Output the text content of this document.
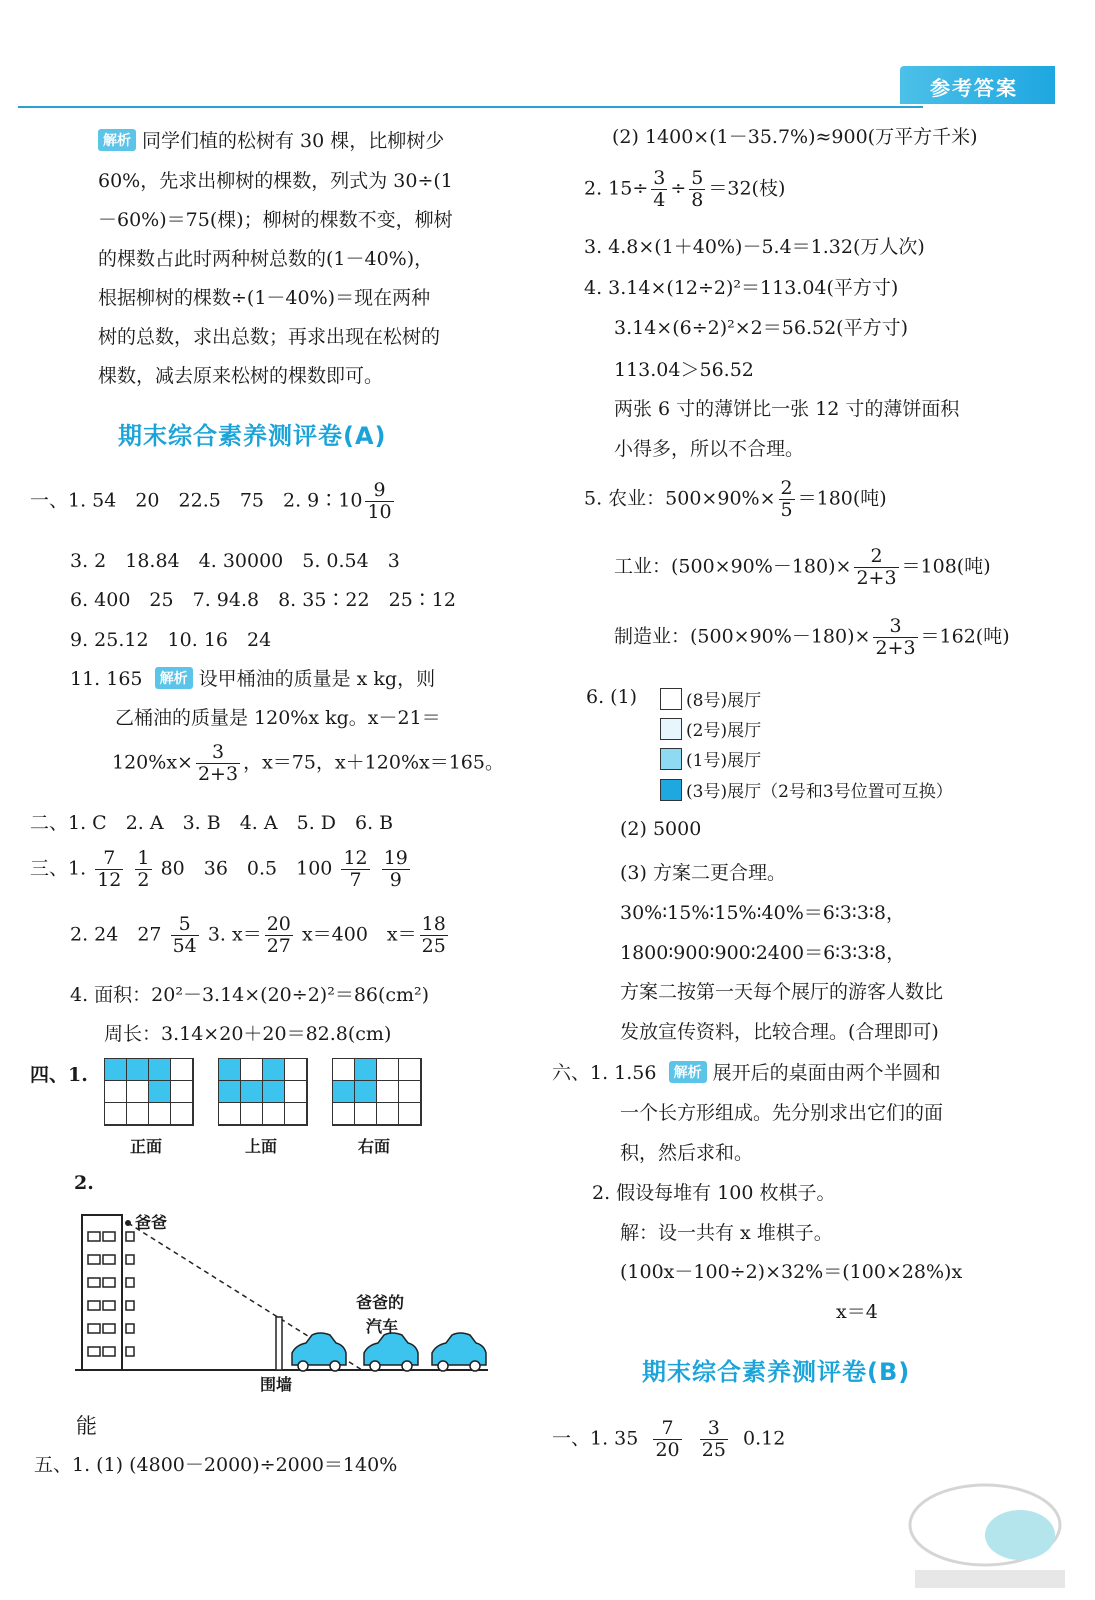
参考答案
解析 同学们植的松树有 30 棵，比柳树少
60%，先求出柳树的棵数，列式为 30÷(1
－60%)＝75(棵)；柳树的棵数不变，柳树
的棵数占此时两种树总数的(1－40%)，
根据柳树的棵数÷(1－40%)＝现在两种
树的总数，求出总数；再求出现在松树的
棵数，减去原来松树的棵数即可。
期末综合素养测评卷(A)
一、1. 54　20　22.5　75　2. 9∶10 $\frac{9}{10}$
3. 2　18.84　4. 30000　5. 0.54　3
6. 400　25　7. 94.8　8. 35∶22　25∶12
9. 25.12　10. 16　24
11. 165 解析 设甲桶油的质量是 x kg，则
乙桶油的质量是 120%x kg。x－21＝
$120\%x\times \frac{3}{2+3}$ ，x＝75，x＋120%x＝165。
二、1. C　2. A　3. B　4. A　5. D　6. B
三、1. $\frac{7}{12}$
$\frac{1}{2} 80$　36　0.5　$100 \frac{12}{7}$
$\frac{19}{9}$
2. 24　$27 \frac{5}{54} 3$. $x= \frac{20}{27} x=400$　$x= \frac{18}{25}$
4. 面积：20²－3.14×(20÷2)²＝86(cm²)
周长：3.14×20＋20＝82.8(cm)
四、1.
正面	上面	右面
2.
爸爸
爸爸的
汽车
围墙
能
五、1. (1) (4800－2000)÷2000＝140%
(2) 1400×(1－35.7%)≈900(万平方千米)
2. $15\div \frac{3}{4} \div \frac{5}{8} =32$(枝)
3. 4.8×(1＋40%)－5.4＝1.32(万人次)
4. 3.14×(12÷2)²＝113.04(平方寸)
3.14×(6÷2)²×2＝56.52(平方寸)
113.04＞56.52
两张 6 寸的薄饼比一张 12 寸的薄饼面积
小得多，所以不合理。
5. 农业：$500\times 90\%\times \frac{2}{5} =180$(吨)
工业：$(500\times 90\%-180)\times \frac{2}{2+3} =108$(吨)
制造业：$(500\times 90\%-180)\times \frac{3}{2+3} =162$(吨)
6. (1)	(8号)展厅
(2号)展厅
(1号)展厅
(3号)展厅（2号和3号位置可互换）
(2) 5000
(3) 方案二更合理。
30%∶15%∶15%∶40%＝6∶3∶3∶8，
1800∶900∶900∶2400＝6∶3∶3∶8，
方案二按第一天每个展厅的游客人数比
发放宣传资料，比较合理。(合理即可)
六、1. 1.56 解析 展开后的桌面由两个半圆和
一个长方形组成。先分别求出它们的面
积，然后求和。
2. 假设每堆有 100 枚棋子。
解：设一共有 x 堆棋子。
(100x－100÷2)×32%＝(100×28%)x
x＝4
期末综合素养测评卷(B)
一、1. $35 \frac{7}{20}$
$\frac{3}{25} 0.12$
